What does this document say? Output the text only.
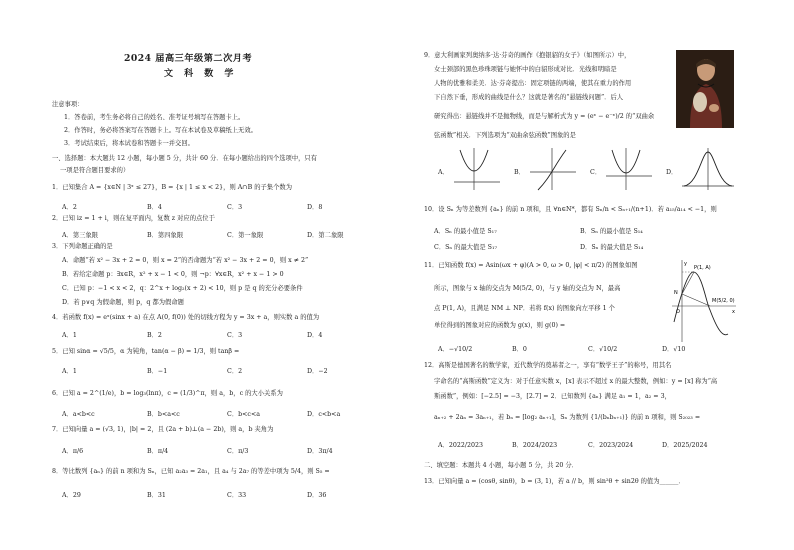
2024 届高三年级第二次月考
文 科 数 学
注意事项：
1．答卷前，考生务必将自己的姓名、准考证号填写在答题卡上。
2．作答时，务必将答案写在答题卡上。写在本试卷及草稿纸上无效。
3．考试结束后，将本试卷和答题卡一并交回。
一、选择题：本大题共 12 小题，每小题 5 分，共计 60 分．在每小题给出的四个选项中，只有
一项是符合题目要求的）
1．已知集合 A = {x∈N | 3ˣ ≤ 27}，B = {x | 1 ≤ x < 2}，则 A∩B 的子集个数为
A．2	B．4	C．3	D．8
2．已知 iz = 1 + i，则在复平面内，复数 z 对应的点位于
A．第三象限	B．第四象限	C．第一象限	D．第二象限
3．下列命题正确的是
A．命题“若 x² − 3x + 2 = 0，则 x = 2”的否命题为“若 x² − 3x + 2 = 0，则 x ≠ 2”
B．若给定命题 p：∃x∈R，x² + x − 1 < 0，则 ¬p：∀x∈R，x² + x − 1 > 0
C．已知 p：−1 < x < 2，q：2^x + log₂(x + 2) < 10，则 p 是 q 的充分必要条件
D．若 p∨q 为假命题，则 p，q 都为假命题
4．若函数 f(x) = eˣ(sinx + a) 在点 A(0, f(0)) 处的切线方程为 y = 3x + a，则实数 a 的值为
A．1	B．2	C．3	D．4
5．已知 sinα = √5/5，α 为钝角，tan(α − β) = 1/3，则 tanβ =
A．1	B．−1	C．2	D．−2
6．已知 a = 2^(1/e)，b = log₃(lnπ)，c = (1/3)^π，则 a，b，c 的大小关系为
A．a<b<c	B．b<a<c	C．b<c<a	D．c<b<a
7．已知向量 a = (√3, 1)，|b| = 2，且 (2a + b)⊥(a − 2b)，则 a，b 夹角为
A．π/6	B．π/4	C．π/3	D．3π/4
8．等比数列 {aₙ} 的前 n 项和为 Sₙ，已知 a₂a₃ = 2a₁，且 a₄ 与 2a₇ 的等差中项为 5/4，则 S₅ =
A．29	B．31	C．33	D．36
9．意大利画家列奥纳多·达·芬奇的画作《抱银貂的女子》（如图所示）中，
女士颈部的黑色珍珠项链与她怀中的白貂形成对比．光线和明暗是
人物的优雅和柔美．达·芬奇提出：固定项链的两端，使其在重力的作用
下自然下垂，形成的曲线是什么？这就是著名的“悬链线问题”．后人
研究得出：悬链线并不是抛物线，而是与解析式为 y = (eˣ − e⁻ˣ)/2 的“双曲余
弦函数”相关．下列选项为“双曲余弦函数”图象的是
A．	B．	C．	D．
10．设 Sₙ 为等差数列 {aₙ} 的前 n 项和，且 ∀n∈N*，都有 Sₙ/n < Sₙ₊₁/(n+1)．若 a₁₅/a₁₄ < −1，则
A．Sₙ 的最小值是 S₁₇	B．Sₙ 的最小值是 S₁₄
C．Sₙ 的最大值是 S₁₇	D．Sₙ 的最大值是 S₁₄
11．已知函数 f(x) = Asin(ωx + φ)(A > 0, ω > 0, |φ| < π/2) 的图象如图
所示，图象与 x 轴的交点为 M(5/2, 0)，与 y 轴的交点为 N，最高
点 P(1, A)，且满足 NM ⊥ NP．若将 f(x) 的图象向左平移 1 个
单位得到的图象对应的函数为 g(x)，则 g(0) =
A．−√10/2	B．0	C．√10/2	D．√10
P(1, A)
N
M(5/2, 0)
O	x
y
12．高斯是德国著名的数学家，近代数学的奠基者之一，享有“数学王子”的称号，用其名
字命名的“高斯函数”定义为：对于任意实数 x，[x] 表示不超过 x 的最大整数，例如：y = [x] 称为“高
斯函数”，例如：[−2.5] = −3，[2.7] = 2．已知数列 {aₙ} 满足 a₁ = 1，a₂ = 3，
aₙ₊₂ + 2aₙ = 3aₙ₊₁，若 bₙ = [log₂ aₙ₊₁]，Sₙ 为数列 {1/(bₙbₙ₊₁)} 的前 n 项和，则 S₂₀₂₃ =
A．2022/2023	B．2024/2023	C．2023/2024	D．2025/2024
二、填空题：本题共 4 小题，每小题 5 分，共 20 分．
13．已知向量 a = (cosθ, sinθ)，b = (3, 1)，若 a // b，则 sin²θ + sin2θ 的值为______．
